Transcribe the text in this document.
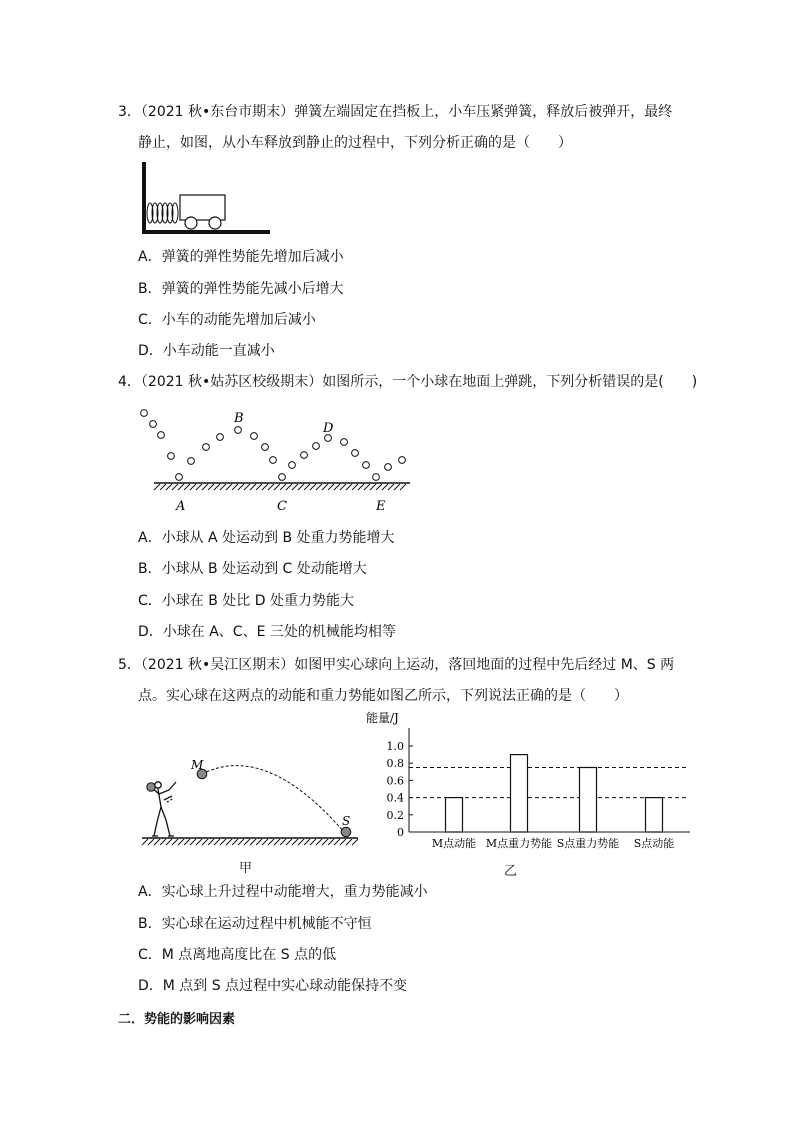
3．（2021 秋•东台市期末）弹簧左端固定在挡板上，小车压紧弹簧，释放后被弹开，最终
静止，如图，从小车释放到静止的过程中，下列分析正确的是（　　）
A．弹簧的弹性势能先增加后减小
B．弹簧的弹性势能先减小后增大
C．小车的动能先增加后减小
D．小车动能一直减小
4．（2021 秋•姑苏区校级期末）如图所示，一个小球在地面上弹跳，下列分析错误的是(　　)
B
D
A	C	E
A．小球从 A 处运动到 B 处重力势能增大
B．小球从 B 处运动到 C 处动能增大
C．小球在 B 处比 D 处重力势能大
D．小球在 A、C、E 三处的机械能均相等
5．（2021 秋•吴江区期末）如图甲实心球向上运动，落回地面的过程中先后经过 M、S 两
点。实心球在这两点的动能和重力势能如图乙所示，下列说法正确的是（　　）
M
S
甲
能量/J
1.0
0.8
0.6
0.4
0.2
0
M点动能 M点重力势能 S点重力势能 S点动能
乙
A．实心球上升过程中动能增大，重力势能减小
B．实心球在运动过程中机械能不守恒
C．M 点离地高度比在 S 点的低
D．M 点到 S 点过程中实心球动能保持不变
二．势能的影响因素
